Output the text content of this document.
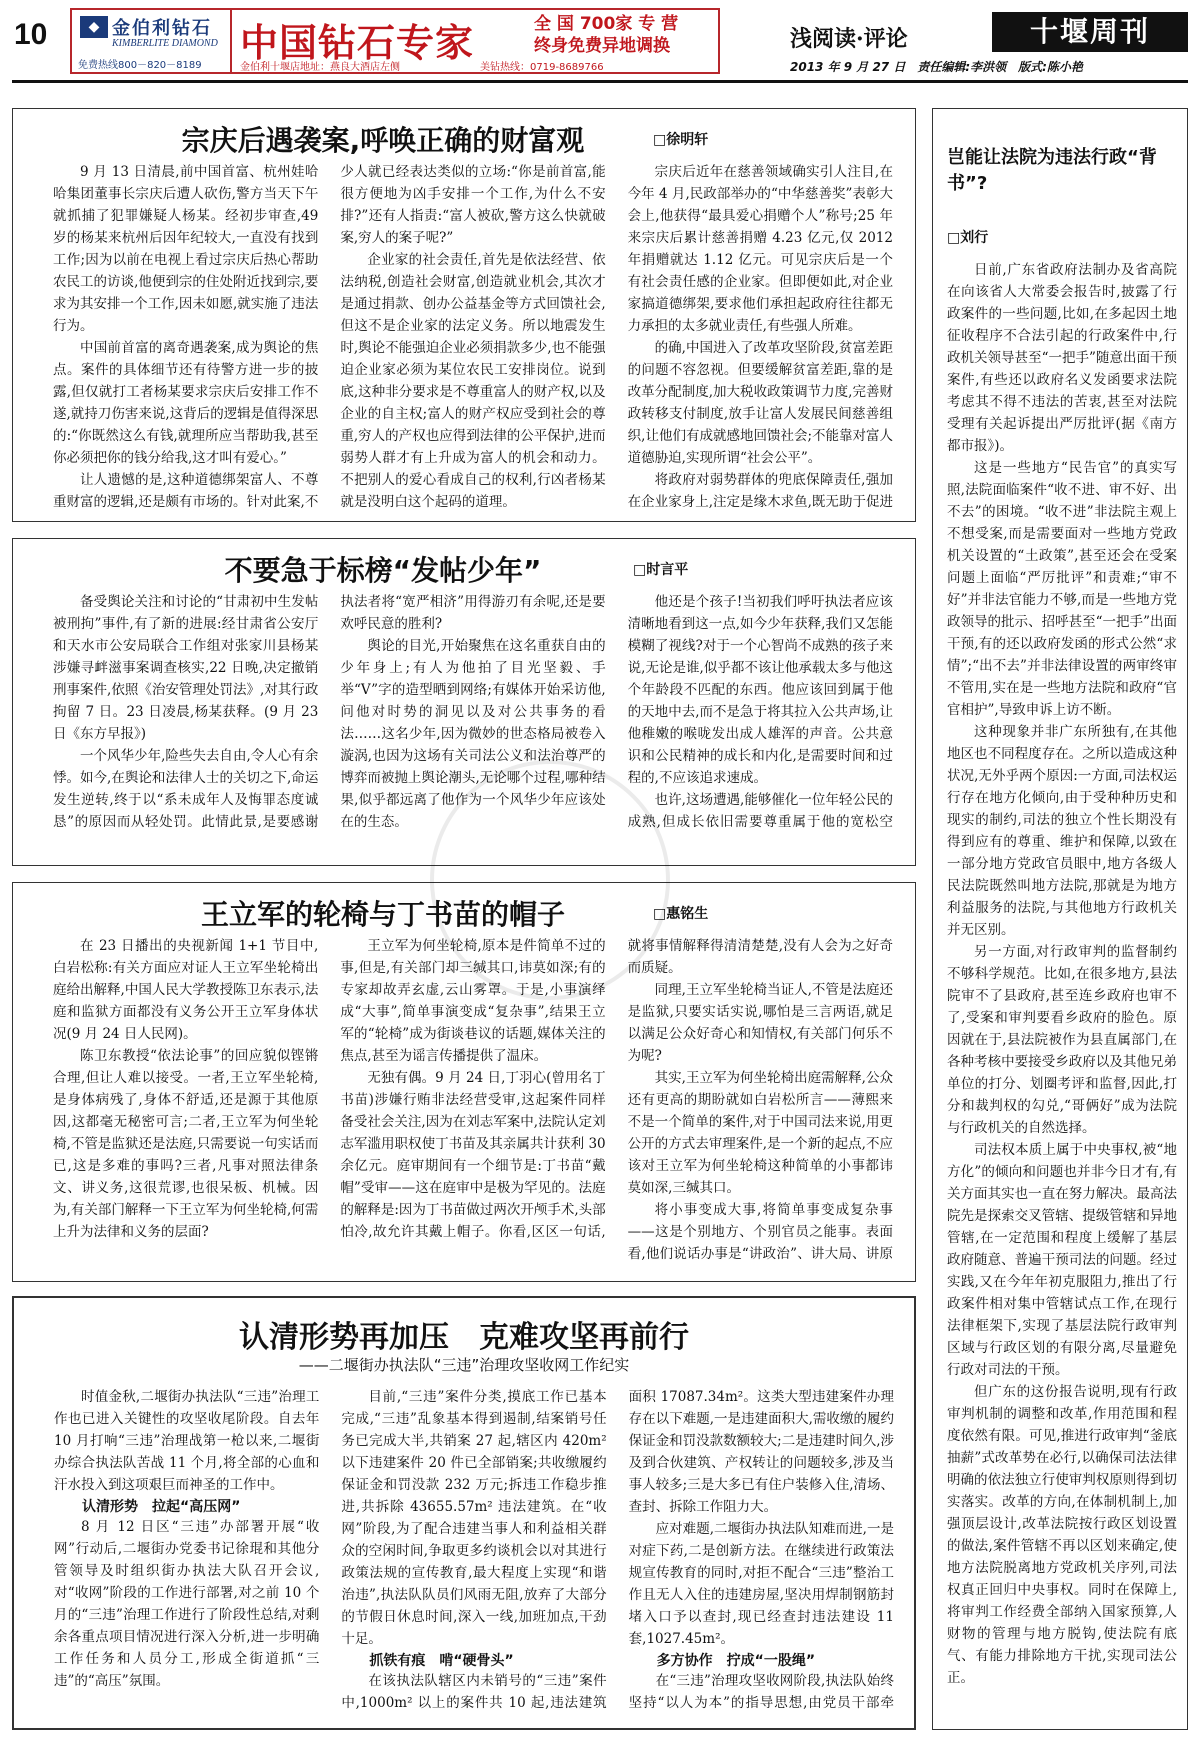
10	◆ 金伯利钻石
KIMBERLITE DIAMOND
免费热线800－820－8189
中国钻石专家	全 国 700家 专 营
终身免费异地调换
金伯利十堰店地址：燕良大酒店左侧　　　　　　　　美钻热线：0719-8689766
浅阅读·评论	十堰周刊
2013 年 9 月 27 日　责任编辑:李洪领　版式:陈小艳
宗庆后遇袭案,呼唤正确的财富观	□徐明轩

9 月 13 日清晨,前中国首富、杭州娃哈哈集团董事长宗庆后遭人砍伤,警方当天下午就抓捕了犯罪嫌疑人杨某。经初步审查,49 岁的杨某来杭州后因年纪较大,一直没有找到工作;因为以前在电视上看过宗庆后热心帮助农民工的访谈,他便到宗的住处附近找到宗,要求为其安排一个工作,因未如愿,就实施了违法行为。

中国前首富的离奇遇袭案,成为舆论的焦点。案件的具体细节还有待警方进一步的披露,但仅就打工者杨某要求宗庆后安排工作不遂,就持刀伤害来说,这背后的逻辑是值得深思的:“你既然这么有钱,就理所应当帮助我,甚至你必须把你的钱分给我,这才叫有爱心。”

让人遗憾的是,这种道德绑架富人、不尊重财富的逻辑,还是颇有市场的。针对此案,不少人就已经表达类似的立场:“你是前首富,能很方便地为凶手安排一个工作,为什么不安排?”还有人指责:“富人被砍,警方这么快就破案,穷人的案子呢?”

企业家的社会责任,首先是依法经营、依法纳税,创造社会财富,创造就业机会,其次才是通过捐款、创办公益基金等方式回馈社会,但这不是企业家的法定义务。所以地震发生时,舆论不能强迫企业必须捐款多少,也不能强迫企业家必须为某位农民工安排岗位。说到底,这种非分要求是不尊重富人的财产权,以及企业的自主权;富人的财产权应受到社会的尊重,穷人的产权也应得到法律的公平保护,进而弱势人群才有上升成为富人的机会和动力。不把别人的爱心看成自己的权利,行凶者杨某就是没明白这个起码的道理。

宗庆后近年在慈善领域确实引人注目,在今年 4 月,民政部举办的“中华慈善奖”表彰大会上,他获得“最具爱心捐赠个人”称号;25 年来宗庆后累计慈善捐赠 4.23 亿元,仅 2012 年捐赠就达 1.12 亿元。可见宗庆后是一个有社会责任感的企业家。但即便如此,对企业家搞道德绑架,要求他们承担起政府往往都无力承担的太多就业责任,有些强人所难。

的确,中国进入了改革攻坚阶段,贫富差距的问题不容忽视。但要缓解贫富差距,靠的是改革分配制度,加大税收政策调节力度,完善财政转移支付制度,放手让富人发展民间慈善组织,让他们有成就感地回馈社会;不能靠对富人道德胁迫,实现所谓“社会公平”。

将政府对弱势群体的兜底保障责任,强加在企业家身上,注定是缘木求鱼,既无助于促进

不要急于标榜“发帖少年”	□时言平

备受舆论关注和讨论的“甘肃初中生发帖被刑拘”事件,有了新的进展:经甘肃省公安厅和天水市公安局联合工作组对张家川县杨某涉嫌寻衅滋事案调查核实,22 日晚,决定撤销刑事案件,依照《治安管理处罚法》,对其行政拘留 7 日。23 日凌晨,杨某获释。(9 月 23 日《东方早报》)

一个风华少年,险些失去自由,令人心有余悸。如今,在舆论和法律人士的关切之下,命运发生逆转,终于以“系未成年人及悔罪态度诚恳”的原因而从轻处罚。此情此景,是要感谢执法者将“宽严相济”用得游刃有余呢,还是要欢呼民意的胜利?

舆论的目光,开始聚焦在这名重获自由的少年身上;有人为他拍了目光坚毅、手举“V”字的造型晒到网络;有媒体开始采访他,问他对时势的洞见以及对公共事务的看法……这名少年,因为微妙的世态格局被卷入漩涡,也因为这场有关司法公义和法治尊严的博弈而被抛上舆论潮头,无论哪个过程,哪种结果,似乎都远离了他作为一个风华少年应该处在的生态。

他还是个孩子!当初我们呼吁执法者应该清晰地看到这一点,如今少年获释,我们又怎能模糊了视线?对于一个心智尚不成熟的孩子来说,无论是谁,似乎都不该让他承载太多与他这个年龄段不匹配的东西。他应该回到属于他的天地中去,而不是急于将其拉入公共声场,让他稚嫩的喉咙发出成人雄浑的声音。公共意识和公民精神的成长和内化,是需要时间和过程的,不应该追求速成。

也许,这场遭遇,能够催化一位年轻公民的成熟,但成长依旧需要尊重属于他的宽松空

王立军的轮椅与丁书苗的帽子	□惠铭生

在 23 日播出的央视新闻 1+1 节目中,白岩松称:有关方面应对证人王立军坐轮椅出庭给出解释,中国人民大学教授陈卫东表示,法庭和监狱方面都没有义务公开王立军身体状况(9 月 24 日人民网)。

陈卫东教授“依法论事”的回应貌似铿锵合理,但让人难以接受。一者,王立军坐轮椅,是身体病残了,身体不舒适,还是源于其他原因,这都毫无秘密可言;二者,王立军为何坐轮椅,不管是监狱还是法庭,只需要说一句实话而已,这是多难的事吗?三者,凡事对照法律条文、讲义务,这很荒谬,也很呆板、机械。因为,有关部门解释一下王立军为何坐轮椅,何需上升为法律和义务的层面?

王立军为何坐轮椅,原本是件简单不过的事,但是,有关部门却三缄其口,讳莫如深;有的专家却故弄玄虚,云山雾罩。于是,小事演绎成“大事”,简单事演变成“复杂事”,结果王立军的“轮椅”成为街谈巷议的话题,媒体关注的焦点,甚至为谣言传播提供了温床。

无独有偶。9 月 24 日,丁羽心(曾用名丁书苗)涉嫌行贿非法经营受审,这起案件同样备受社会关注,因为在刘志军案中,法院认定刘志军滥用职权使丁书苗及其亲属共计获利 30 余亿元。庭审期间有一个细节是:丁书苗“戴帽”受审——这在庭审中是极为罕见的。法庭的解释是:因为丁书苗做过两次开颅手术,头部怕冷,故允许其戴上帽子。你看,区区一句话,就将事情解释得清清楚楚,没有人会为之好奇而质疑。

同理,王立军坐轮椅当证人,不管是法庭还是监狱,只要实话实说,哪怕是三言两语,就足以满足公众好奇心和知情权,有关部门何乐不为呢?

其实,王立军为何坐轮椅出庭需解释,公众还有更高的期盼就如白岩松所言——薄熙来不是一个简单的案件,对于中国司法来说,用更公开的方式去审理案件,是一个新的起点,不应该对王立军为何坐轮椅这种简单的小事都讳莫如深,三缄其口。

将小事变成大事,将简单事变成复杂事——这是个别地方、个别官员之能事。表面看,他们说话办事是“讲政治”、讲大局、讲原

认清形势再加压　克难攻坚再前行
——二堰街办执法队“三违”治理攻坚收网工作纪实

时值金秋,二堰街办执法队“三违”治理工作也已进入关键性的攻坚收尾阶段。自去年 10 月打响“三违”治理战第一枪以来,二堰街办综合执法队苦战 11 个月,将全部的心血和汗水投入到这项艰巨而神圣的工作中。

认清形势　拉起“高压网”

8 月 12 日区“三违”办部署开展“收网”行动后,二堰街办党委书记徐琨和其他分管领导及时组织街办执法大队召开会议,对“收网”阶段的工作进行部署,对之前 10 个月的“三违”治理工作进行了阶段性总结,对剩余各重点项目情况进行深入分析,进一步明确工作任务和人员分工,形成全街道抓“三违”的“高压”氛围。

目前,“三违”案件分类,摸底工作已基本完成,“三违”乱象基本得到遏制,结案销号任务已完成大半,共销案 27 起,辖区内 420m² 以下违建案件 20 件已全部销案;共收缴履约保证金和罚没款 232 万元;拆违工作稳步推进,共拆除 43655.57m² 违法建筑。在“收网”阶段,为了配合违建当事人和利益相关群众的空闲时间,争取更多约谈机会以对其进行政策法规的宣传教育,最大程度上实现“和谐治违”,执法队队员们风雨无阻,放弃了大部分的节假日休息时间,深入一线,加班加点,干劲十足。

抓铁有痕　啃“硬骨头”

在该执法队辖区内未销号的“三违”案件中,1000m² 以上的案件共 10 起,违法建筑面积 17087.34m²。这类大型违建案件办理存在以下难题,一是违建面积大,需收缴的履约保证金和罚没款数额较大;二是违建时间久,涉及到合伙建筑、产权转让的问题较多,涉及当事人较多;三是大多已有住户装修入住,清场、查封、拆除工作阻力大。

应对难题,二堰街办执法队知难而进,一是对症下药,二是创新方法。在继续进行政策法规宣传教育的同时,对拒不配合“三违”整治工作且无人入住的违建房屋,坚决用焊制钢筋封堵入口予以查封,现已经查封违法建设 11 套,1027.45m²。

多方协作　拧成“一股绳”

在“三违”治理攻坚收网阶段,执法队始终坚持“以人为本”的指导思想,由党员干部牵

岂能让法院为违法行政“背书”?
□刘行

日前,广东省政府法制办及省高院在向该省人大常委会报告时,披露了行政案件的一些问题,比如,在多起因土地征收程序不合法引起的行政案件中,行政机关领导甚至“一把手”随意出面干预案件,有些还以政府名义发函要求法院考虑其不得不违法的苦衷,甚至对法院受理有关起诉提出严厉批评(据《南方都市报》)。

这是一些地方“民告官”的真实写照,法院面临案件“收不进、审不好、出不去”的困境。“收不进”非法院主观上不想受案,而是需要面对一些地方党政机关设置的“土政策”,甚至还会在受案问题上面临“严厉批评”和责难;“审不好”并非法官能力不够,而是一些地方党政领导的批示、招呼甚至“一把手”出面干预,有的还以政府发函的形式公然“求情”;“出不去”并非法律设置的两审终审不管用,实在是一些地方法院和政府“官官相护”,导致申诉上访不断。

这种现象并非广东所独有,在其他地区也不同程度存在。之所以造成这种状况,无外乎两个原因:一方面,司法权运行存在地方化倾向,由于受种种历史和现实的制约,司法的独立个性长期没有得到应有的尊重、维护和保障,以致在一部分地方党政官员眼中,地方各级人民法院既然叫地方法院,那就是为地方利益服务的法院,与其他地方行政机关并无区别。

另一方面,对行政审判的监督制约不够科学规范。比如,在很多地方,县法院审不了县政府,甚至连乡政府也审不了,受案和审判要看乡政府的脸色。原因就在于,县法院被作为县直属部门,在各种考核中要接受乡政府以及其他兄弟单位的打分、划圈考评和监督,因此,打分和裁判权的勾兑,“哥俩好”成为法院与行政机关的自然选择。

司法权本质上属于中央事权,被“地方化”的倾向和问题也并非今日才有,有关方面其实也一直在努力解决。最高法院先是探索交叉管辖、提级管辖和异地管辖,在一定范围和程度上缓解了基层政府随意、普遍干预司法的问题。经过实践,又在今年年初克服阻力,推出了行政案件相对集中管辖试点工作,在现行法律框架下,实现了基层法院行政审判区域与行政区划的有限分离,尽量避免行政对司法的干预。

但广东的这份报告说明,现有行政审判机制的调整和改革,作用范围和程度依然有限。可见,推进行政审判“釜底抽薪”式改革势在必行,以确保司法法律明确的依法独立行使审判权原则得到切实落实。改革的方向,在体制机制上,加强顶层设计,改革法院按行政区划设置的做法,案件管辖不再以区划来确定,使地方法院脱离地方党政机关序列,司法权真正回归中央事权。同时在保障上,将审判工作经费全部纳入国家预算,人财物的管理与地方脱钩,使法院有底气、有能力排除地方干扰,实现司法公正。
